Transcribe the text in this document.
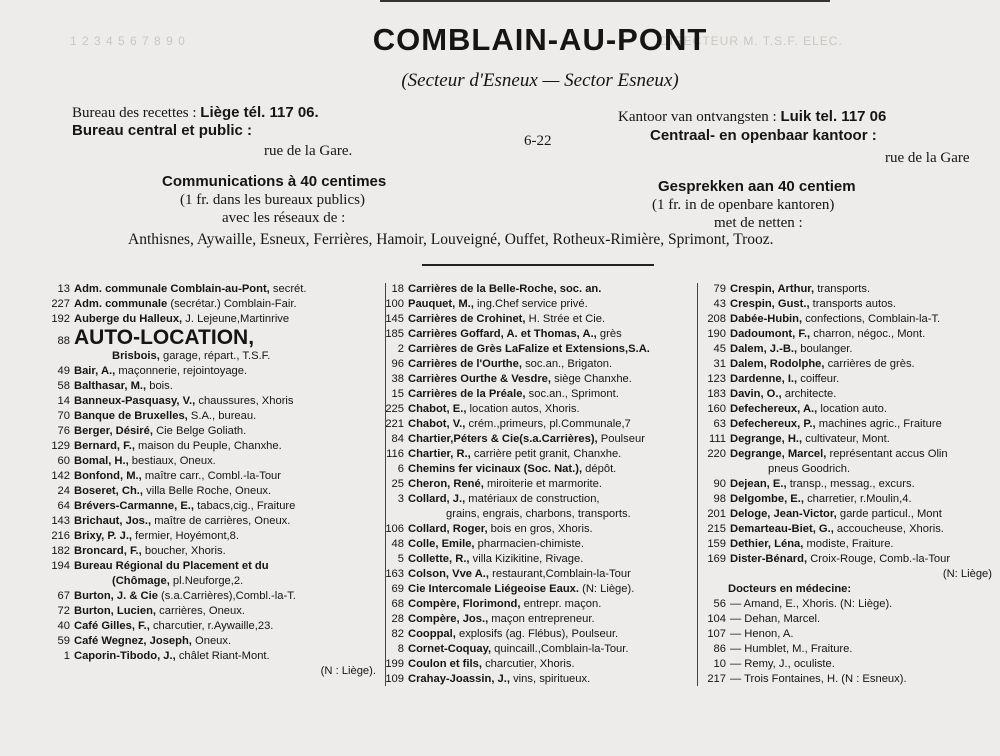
1 2 3 4 5 6 7 8 9 0	DIRECTEUR M. T.S.F. ELEC.
COMBLAIN-AU-PONT
(Secteur d'Esneux — Sector Esneux)
Bureau des recettes : Liège tél. 117 06.
Bureau central et public :
rue de la Gare.
6-22
Kantoor van ontvangsten : Luik tel. 117 06
Centraal- en openbaar kantoor :
rue de la Gare
Communications à 40 centimes
(1 fr. dans les bureaux publics)
avec les réseaux de :
Gesprekken aan 40 centiem
(1 fr. in de openbare kantoren)
met de netten :
Anthisnes, Aywaille, Esneux, Ferrières, Hamoir, Louveigné, Ouffet, Rotheux-Rimière, Sprimont, Trooz.
13 Adm. communale Comblain-au-Pont, secrét.
227 Adm. communale (secrétar.) Comblain-Fair.
192 Auberge du Halleux, J. Lejeune,Martinrive
88 AUTO-LOCATION,
Brisbois, garage, répart., T.S.F.
49 Bair, A., maçonnerie, rejointoyage.
58 Balthasar, M., bois.
14 Banneux-Pasquasy, V., chaussures, Xhoris
70 Banque de Bruxelles, S.A., bureau.
76 Berger, Désiré, Cie Belge Goliath.
129 Bernard, F., maison du Peuple, Chanxhe.
60 Bomal, H., bestiaux, Oneux.
142 Bonfond, M., maître carr., Combl.-la-Tour
24 Boseret, Ch., villa Belle Roche, Oneux.
64 Brévers-Carmanne, E., tabacs,cig., Fraiture
143 Brichaut, Jos., maître de carrières, Oneux.
216 Brixy, P. J., fermier, Hoyémont,8.
182 Broncard, F., boucher, Xhoris.
194 Bureau Régional du Placement et du
(Chômage, pl.Neuforge,2.
67 Burton, J. & Cie (s.a.Carrières),Combl.-la-T.
72 Burton, Lucien, carrières, Oneux.
40 Café Gilles, F., charcutier, r.Aywaille,23.
59 Café Wegnez, Joseph, Oneux.
1 Caporin-Tibodo, J., châlet Riant-Mont.
(N : Liège).
18 Carrières de la Belle-Roche, soc. an.
100 Pauquet, M., ing.Chef service privé.
145 Carrières de Crohinet, H. Strée et Cie.
185 Carrières Goffard, A. et Thomas, A., grès
2 Carrières de Grès LaFalize et Extensions,S.A.
96 Carrières de l'Ourthe, soc.an., Brigaton.
38 Carrières Ourthe & Vesdre, siège Chanxhe.
15 Carrières de la Préale, soc.an., Sprimont.
225 Chabot, E., location autos, Xhoris.
221 Chabot, V., crém.,primeurs, pl.Communale,7
84 Chartier,Péters & Cie(s.a.Carrières), Poulseur
116 Chartier, R., carrière petit granit, Chanxhe.
6 Chemins fer vicinaux (Soc. Nat.), dépôt.
25 Cheron, René, miroiterie et marmorite.
3 Collard, J., matériaux de construction,
grains, engrais, charbons, transports.
106 Collard, Roger, bois en gros, Xhoris.
48 Colle, Emile, pharmacien-chimiste.
5 Collette, R., villa Kizikitine, Rivage.
163 Colson, Vve A., restaurant,Comblain-la-Tour
69 Cie Intercomale Liégeoise Eaux. (N: Liège).
68 Compère, Florimond, entrepr. maçon.
28 Compère, Jos., maçon entrepreneur.
82 Cooppal, explosifs (ag. Flébus), Poulseur.
8 Cornet-Coquay, quincaill.,Comblain-la-Tour.
199 Coulon et fils, charcutier, Xhoris.
109 Crahay-Joassin, J., vins, spiritueux.
79 Crespin, Arthur, transports.
43 Crespin, Gust., transports autos.
208 Dabée-Hubin, confections, Comblain-la-T.
190 Dadoumont, F., charron, négoc., Mont.
45 Dalem, J.-B., boulanger.
31 Dalem, Rodolphe, carrières de grès.
123 Dardenne, I., coiffeur.
183 Davin, O., architecte.
160 Defechereux, A., location auto.
63 Defechereux, P., machines agric., Fraiture
111 Degrange, H., cultivateur, Mont.
220 Degrange, Marcel, représentant accus Olin
pneus Goodrich.
90 Dejean, E., transp., messag., excurs.
98 Delgombe, E., charretier, r.Moulin,4.
201 Deloge, Jean-Victor, garde particul., Mont
215 Demarteau-Biet, G., accoucheuse, Xhoris.
159 Dethier, Léna, modiste, Fraiture.
169 Dister-Bénard, Croix-Rouge, Comb.-la-Tour
(N: Liège)
Docteurs en médecine:
56 — Amand, E., Xhoris. (N: Liège).
104 — Dehan, Marcel.
107 — Henon, A.
86 — Humblet, M., Fraiture.
10 — Remy, J., oculiste.
217 — Trois Fontaines, H. (N : Esneux).
